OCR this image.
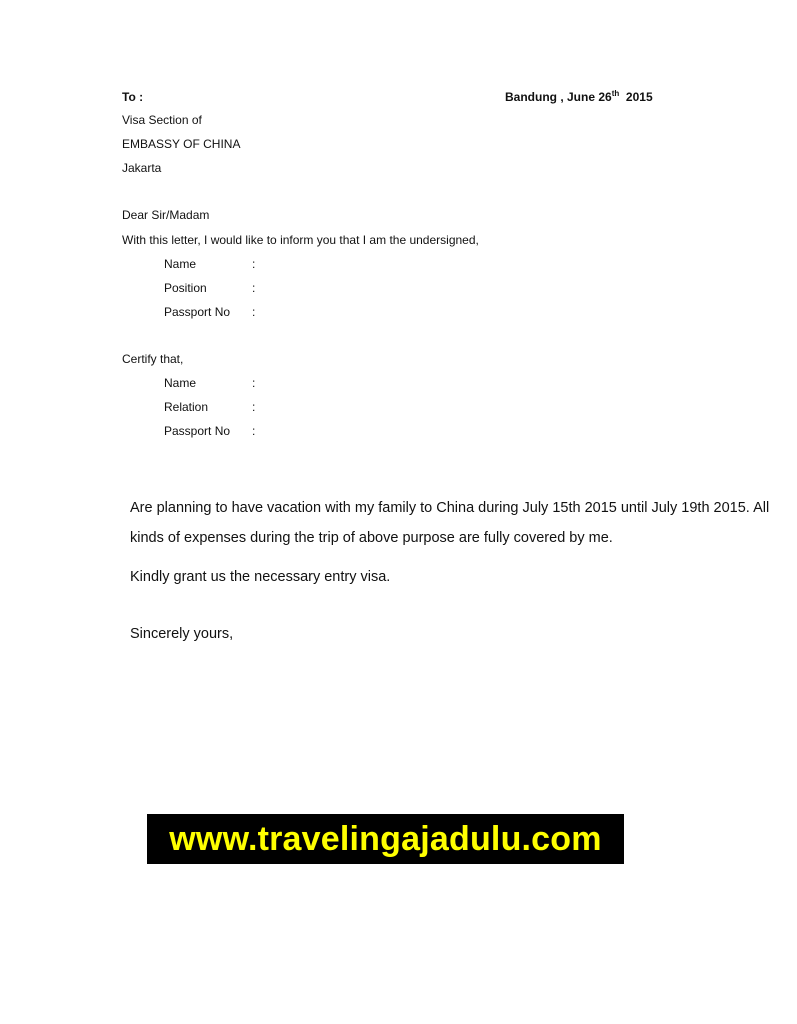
To :	Bandung , June 26th  2015
Visa Section of
EMBASSY OF CHINA
Jakarta
Dear Sir/Madam
With this letter, I would like to inform you that I am the undersigned,
Name	:
Position	:
Passport No :
Certify that,
Name	:
Relation	:
Passport No :
Are planning to have vacation with my family to China during July 15th 2015 until July 19th 2015. All
kinds of expenses during the trip of above purpose are fully covered by me.
Kindly grant us the necessary entry visa.
Sincerely yours,
www.travelingajadulu.com
